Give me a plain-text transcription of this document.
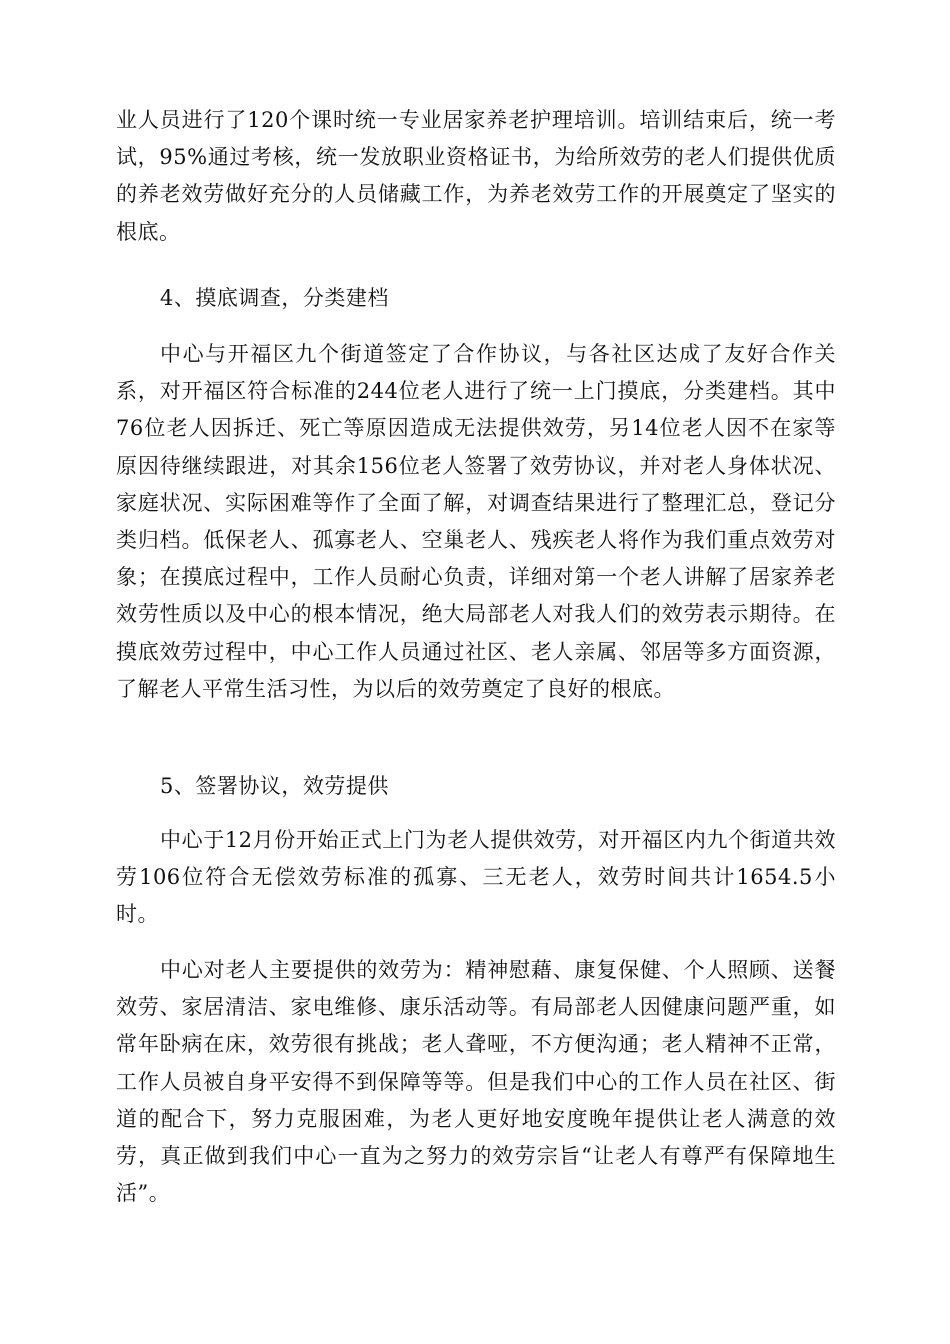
业人员进行了120个课时统一专业居家养老护理培训。培训结束后，统一考试，95%通过考核，统一发放职业资格证书，为给所效劳的老人们提供优质的养老效劳做好充分的人员储藏工作，为养老效劳工作的开展奠定了坚实的根底。

4、摸底调查，分类建档

中心与开福区九个街道签定了合作协议，与各社区达成了友好合作关系，对开福区符合标准的244位老人进行了统一上门摸底，分类建档。其中76位老人因拆迁、死亡等原因造成无法提供效劳，另14位老人因不在家等原因待继续跟进，对其余156位老人签署了效劳协议，并对老人身体状况、家庭状况、实际困难等作了全面了解，对调查结果进行了整理汇总，登记分类归档。低保老人、孤寡老人、空巢老人、残疾老人将作为我们重点效劳对象；在摸底过程中，工作人员耐心负责，详细对第一个老人讲解了居家养老效劳性质以及中心的根本情况，绝大局部老人对我人们的效劳表示期待。在摸底效劳过程中，中心工作人员通过社区、老人亲属、邻居等多方面资源，了解老人平常生活习性，为以后的效劳奠定了良好的根底。

5、签署协议，效劳提供

中心于12月份开始正式上门为老人提供效劳，对开福区内九个街道共效劳106位符合无偿效劳标准的孤寡、三无老人，效劳时间共计1654.5小时。

中心对老人主要提供的效劳为：精神慰藉、康复保健、个人照顾、送餐效劳、家居清洁、家电维修、康乐活动等。有局部老人因健康问题严重，如常年卧病在床，效劳很有挑战；老人聋哑，不方便沟通；老人精神不正常，工作人员被自身平安得不到保障等等。但是我们中心的工作人员在社区、街道的配合下，努力克服困难，为老人更好地安度晚年提供让老人满意的效劳，真正做到我们中心一直为之努力的效劳宗旨“让老人有尊严有保障地生活”。
